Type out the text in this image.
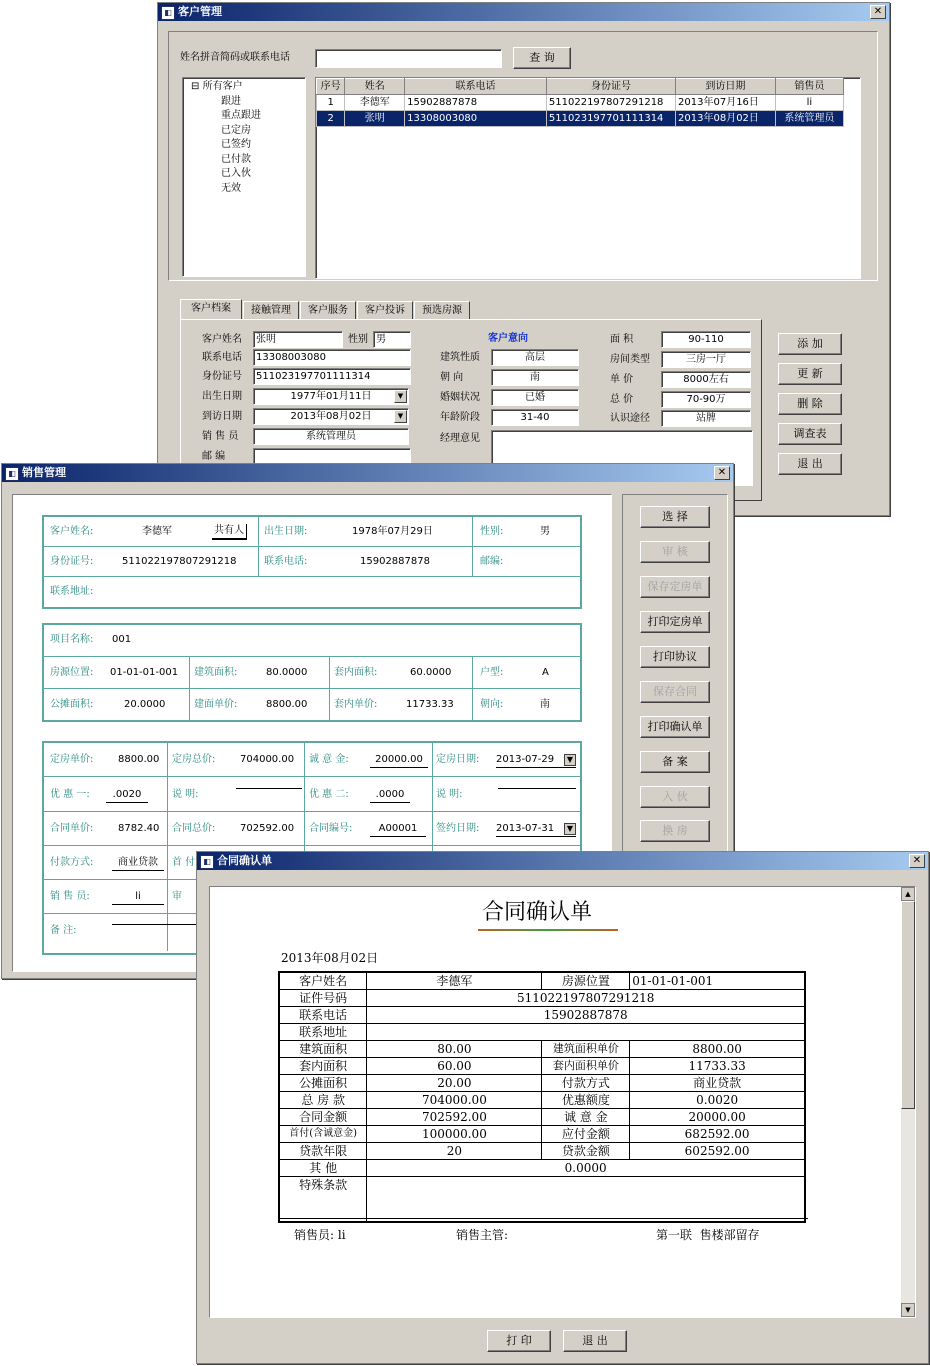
◧ 客户管理	✕
姓名拼音简码或联系电话	查 询
⊟ 所有客户
跟进
重点跟进
已定房
已签约
已付款
已入伙
无效
序号	姓名	联系电话	身份证号	到访日期	销售员
1	李德军	15902887878	511022197807291218	2013年07月16日	li
2	张明	13308003080	511023197701111314	2013年08月02日	系统管理员
客户档案	接触管理	客户服务	客户投诉	预选房源
客户姓名	张明	性别 男
联系电话	13308003080
身份证号	511023197701111314
出生日期	1977年01月11日	▼
到访日期	2013年08月02日	▼
销 售 员	系统管理员
邮 编
客户意向
建筑性质	高层
朝 向	南
婚姻状况	已婚
年龄阶段	31-40
经理意见
面 积	90-110
房间类型	三房一厅
单 价	8000左右
总 价	70-90万
认识途径	站牌
添 加
更 新
删 除
调查表
退 出
◧ 销售管理	✕
客户姓名:	李德军	共有人	出生日期:	1978年07月29日	性别:	男
身份证号:	511022197807291218	联系电话:	15902887878	邮编:
联系地址:
项目名称: 001
房源位置: 01-01-01-001 建筑面积:	80.0000	套内面积:	60.0000	户型:	A
公摊面积:	20.0000	建面单价:	8800.00	套内单价:	11733.33	朝向:	南
定房单价: 8800.00 定房总价: 704000.00 诚 意 金:	20000.00	定房日期: 2013-07-29	▼
优 惠 一:	.0020	说 明:	优 惠 二:	.0000	说 明:
合同单价: 8782.40 合同总价: 702592.00 合同编号:	A00001	签约日期: 2013-07-31	▼
付款方式:	商业贷款	首 付
销 售 员:	li	审
备 注:
选 择
审 核
保存定房单
打印定房单
打印协议
保存合同
打印确认单
备 案
入 伙
换 房
◧ 合同确认单	✕
▲
▼
合同确认单
2013年08月02日
客户姓名	李德军	房源位置	01-01-01-001
证件号码	511022197807291218		
联系电话	15902887878		
联系地址			
建筑面积	80.00	建筑面积单价	8800.00
套内面积	60.00	套内面积单价	11733.33
公摊面积	20.00	付款方式	商业贷款
总 房 款	704000.00	优惠额度	0.0020
合同金额	702592.00	诚 意 金	20000.00
首付(含诚意金)	100000.00	应付金额	682592.00
贷款年限	20	贷款金额	602592.00
其 他	0.0000		
特殊条款			
销售员: li	销售主管:	第一联  售楼部留存
打 印	退 出
